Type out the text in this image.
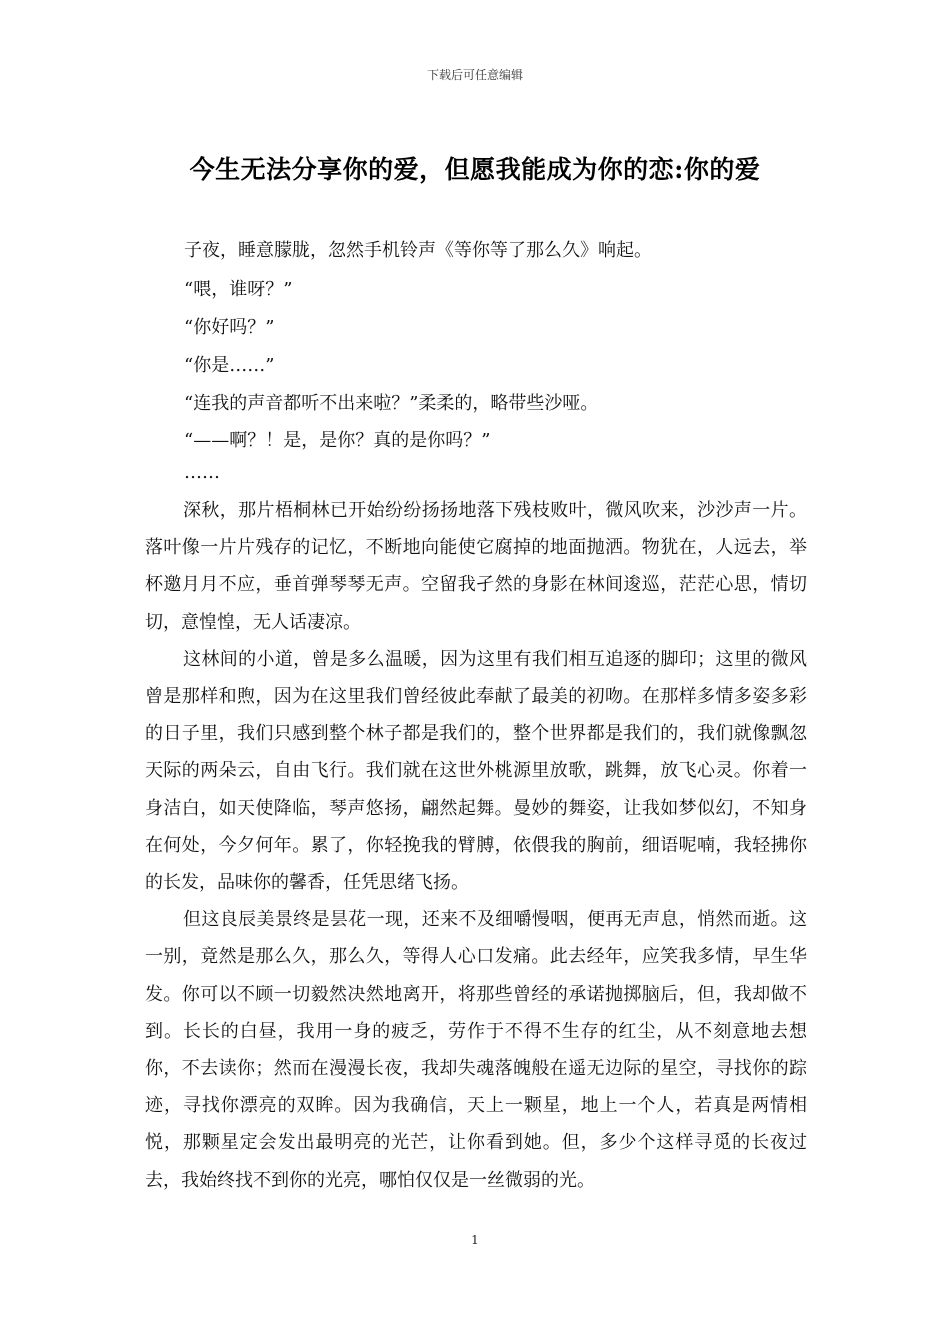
下载后可任意编辑
今生无法分享你的爱，但愿我能成为你的恋:你的爱
子夜，睡意朦胧，忽然手机铃声《等你等了那么久》响起。
“喂，谁呀？”
“你好吗？”
“你是……”
“连我的声音都听不出来啦？”柔柔的，略带些沙哑。
“——啊？！是，是你？真的是你吗？”
……

深秋，那片梧桐林已开始纷纷扬扬地落下残枝败叶，微风吹来，沙沙声一片。落叶像一片片残存的记忆，不断地向能使它腐掉的地面抛洒。物犹在，人远去，举杯邀月月不应，垂首弹琴琴无声。空留我孑然的身影在林间逡巡，茫茫心思，情切切，意惶惶，无人话凄凉。

这林间的小道，曾是多么温暖，因为这里有我们相互追逐的脚印；这里的微风曾是那样和煦，因为在这里我们曾经彼此奉献了最美的初吻。在那样多情多姿多彩的日子里，我们只感到整个林子都是我们的，整个世界都是我们的，我们就像飘忽天际的两朵云，自由飞行。我们就在这世外桃源里放歌，跳舞，放飞心灵。你着一身洁白，如天使降临，琴声悠扬，翩然起舞。曼妙的舞姿，让我如梦似幻，不知身在何处，今夕何年。累了，你轻挽我的臂膊，依偎我的胸前，细语呢喃，我轻拂你的长发，品味你的馨香，任凭思绪飞扬。

但这良辰美景终是昙花一现，还来不及细嚼慢咽，便再无声息，悄然而逝。这一别，竟然是那么久，那么久，等得人心口发痛。此去经年，应笑我多情，早生华发。你可以不顾一切毅然决然地离开，将那些曾经的承诺抛掷脑后，但，我却做不到。长长的白昼，我用一身的疲乏，劳作于不得不生存的红尘，从不刻意地去想你，不去读你；然而在漫漫长夜，我却失魂落魄般在遥无边际的星空，寻找你的踪迹，寻找你漂亮的双眸。因为我确信，天上一颗星，地上一个人，若真是两情相悦，那颗星定会发出最明亮的光芒，让你看到她。但，多少个这样寻觅的长夜过去，我始终找不到你的光亮，哪怕仅仅是一丝微弱的光。

1
